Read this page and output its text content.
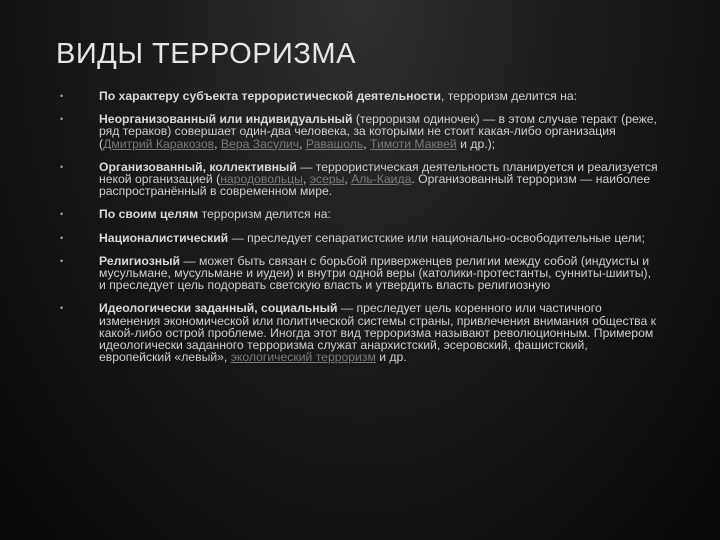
ВИДЫ ТЕРРОРИЗМА
•	По характеру субъекта террористической деятельности, терроризм делится на:
•	Неорганизованный или индивидуальный (терроризм одиночек) — в этом случае теракт (реже, ряд тераков) совершает один-два человека, за которыми не стоит какая-либо организация (Дмитрий Каракозов, Вера Засулич, Равашоль, Тимоти Маквей и др.);
•	Организованный, коллективный — террористическая деятельность планируется и реализуется некой организацией (народовольцы, эсеры, Аль-Каида. Организованный терроризм — наиболее распространённый в современном мире.
•	По своим целям терроризм делится на:
•	Националистический — преследует сепаратистские или национально-освободительные цели;
•	Религиозный — может быть связан с борьбой приверженцев религии между собой (индуисты и мусульмане, мусульмане и иудеи) и внутри одной веры (католики-протестанты, сунниты-шииты), и преследует цель подорвать светскую власть и утвердить власть религиозную
•	Идеологически заданный, социальный — преследует цель коренного или частичного изменения экономической или политической системы страны, привлечения внимания общества к какой-либо острой проблеме. Иногда этот вид терроризма называют революционным. Примером идеологически заданного терроризма служат анархистский, эсеровский, фашистский, европейский «левый», экологический терроризм и др.
